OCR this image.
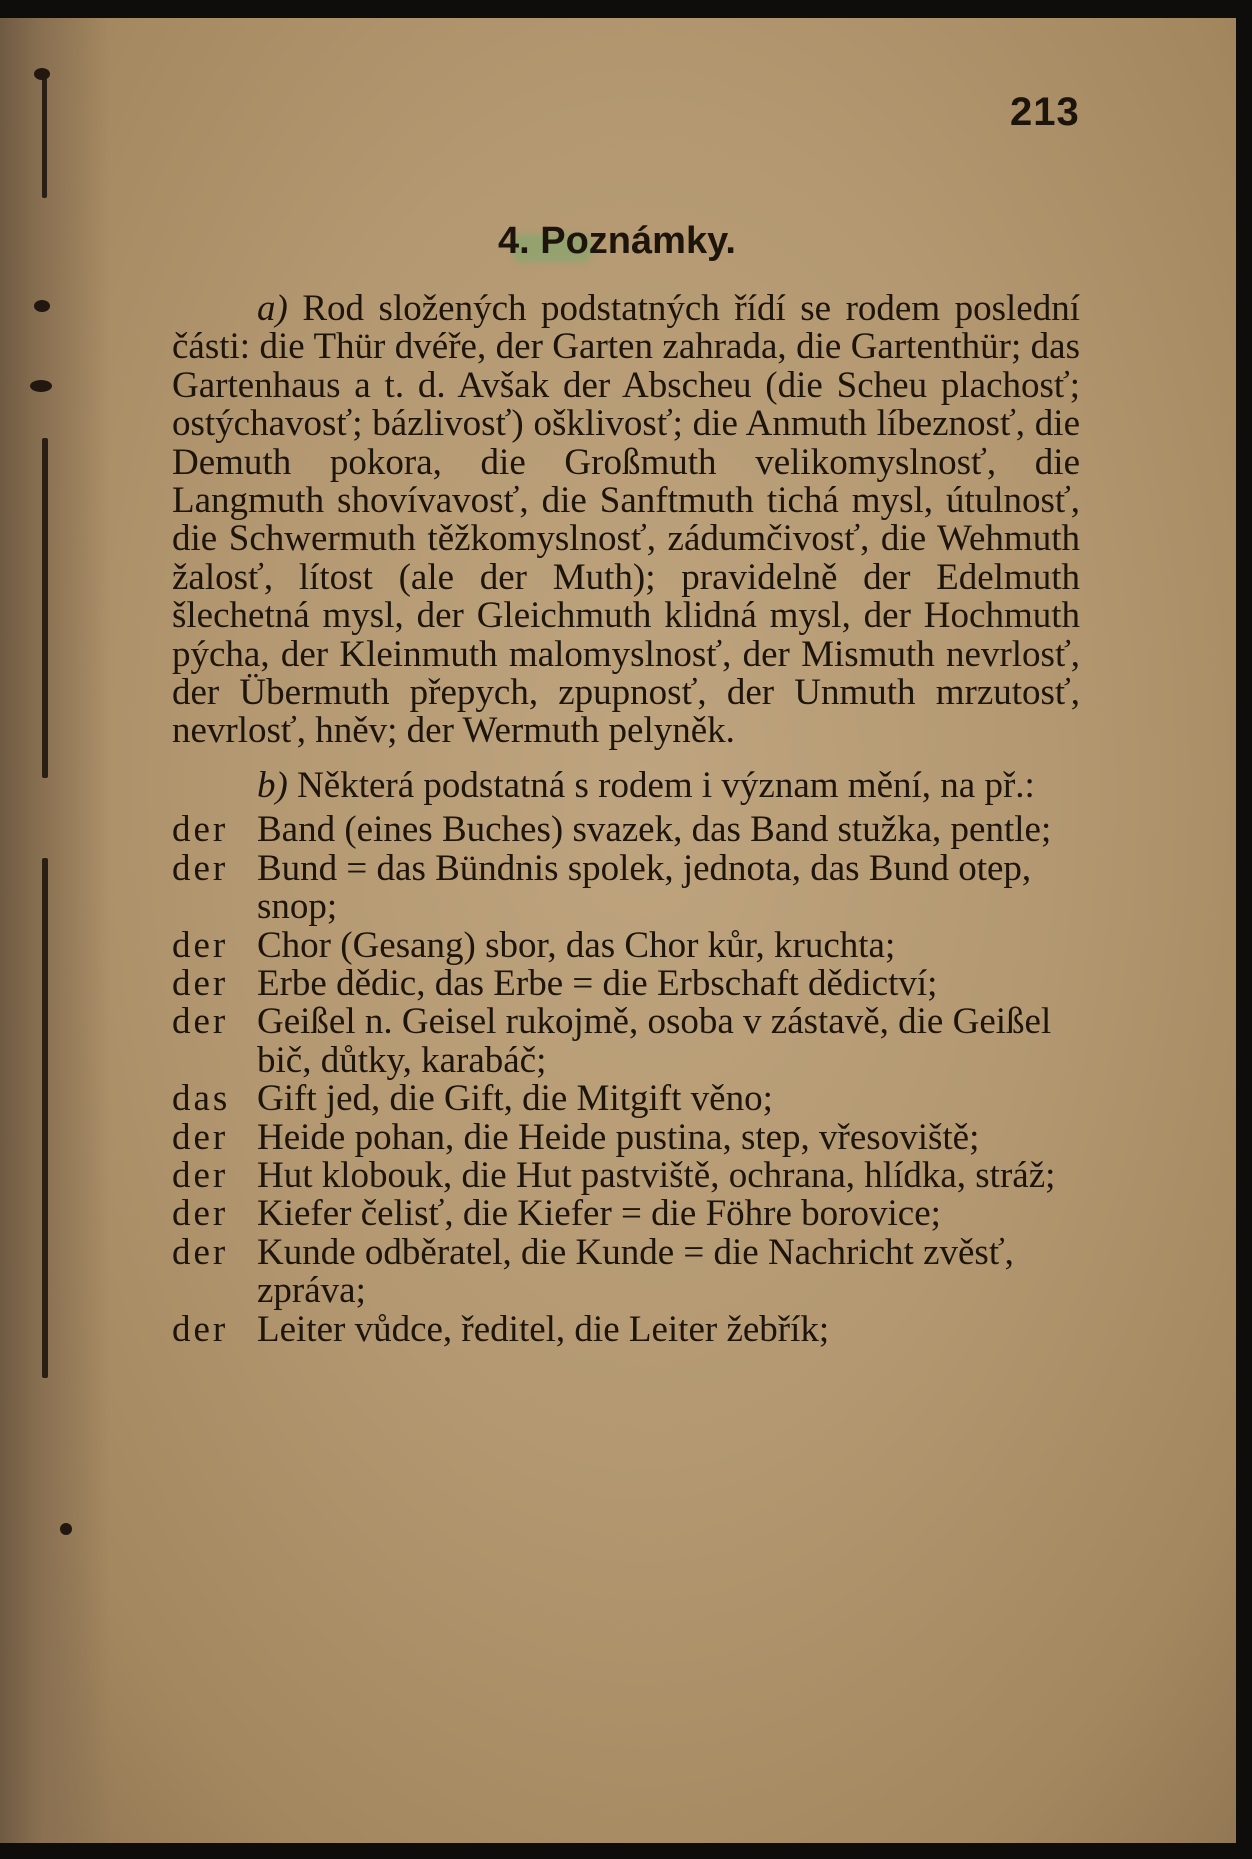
213
4. Poznámky.

a) Rod složených podstatných řídí se rodem poslední části: die Thür dvéře, der Garten zahrada, die Gartenthür; das Gartenhaus a t. d. Avšak der Abscheu (die Scheu plachosť; ostýchavosť; bázlivosť) ošklivosť; die Anmuth líbeznosť, die Demuth pokora, die Großmuth velikomyslnosť, die Langmuth shovívavosť, die Sanftmuth tichá mysl, útulnosť, die Schwermuth těžkomyslnosť, zádumčivosť, die Wehmuth žalosť, lítost (ale der Muth); pravidelně der Edelmuth šlechetná mysl, der Gleichmuth klidná mysl, der Hochmuth pýcha, der Kleinmuth malomyslnosť, der Mismuth nevrlosť, der Übermuth přepych, zpupnosť, der Unmuth mrzutosť, nevrlosť, hněv; der Wermuth pelyněk.

b) Některá podstatná s rodem i význam mění, na př.:

der Band (eines Buches) svazek, das Band stužka, pentle;

der Bund = das Bündnis spolek, jednota, das Bund otep, snop;

der Chor (Gesang) sbor, das Chor kůr, kruchta;

der Erbe dědic, das Erbe = die Erbschaft dědictví;

der Geißel n. Geisel rukojmě, osoba v zástavě, die Geißel bič, důtky, karabáč;

das Gift jed, die Gift, die Mitgift věno;

der Heide pohan, die Heide pustina, step, vřesoviště;

der Hut klobouk, die Hut pastviště, ochrana, hlídka, stráž;

der Kiefer čelisť, die Kiefer = die Föhre borovice;

der Kunde odběratel, die Kunde = die Nachricht zvěsť, zpráva;

der Leiter vůdce, ředitel, die Leiter žebřík;
